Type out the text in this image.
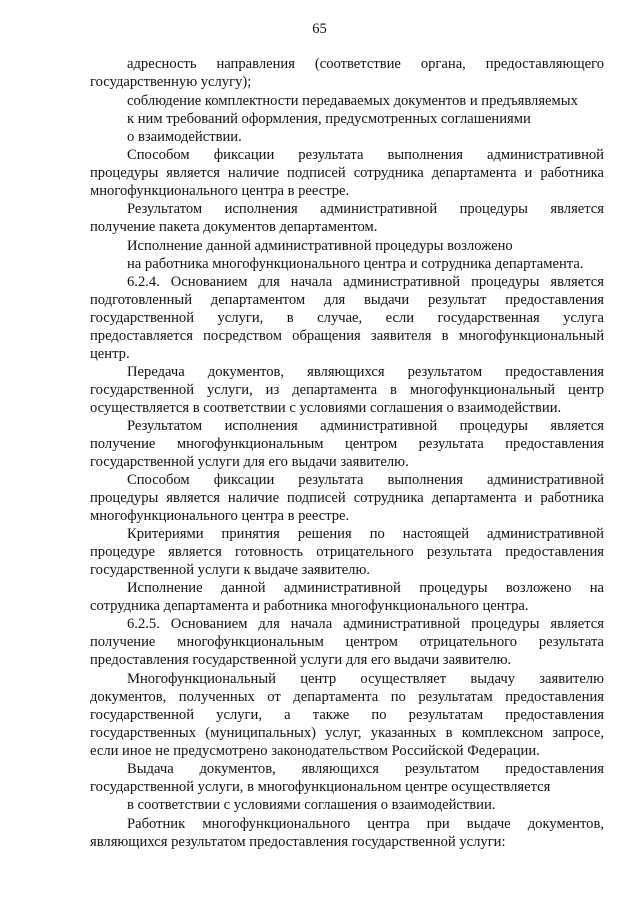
65
адресность направления (соответствие органа, предоставляющего
государственную услугу);
соблюдение комплектности передаваемых документов и предъявляемых
к ним требований оформления, предусмотренных соглашениями
о взаимодействии.
Способом фиксации результата выполнения административной
процедуры является наличие подписей сотрудника департамента и работника
многофункционального центра в реестре.
Результатом исполнения административной процедуры является
получение пакета документов департаментом.
Исполнение данной административной процедуры возложено
на работника многофункционального центра и сотрудника департамента.
6.2.4. Основанием для начала административной процедуры является
подготовленный департаментом для выдачи результат предоставления
государственной услуги, в случае, если государственная услуга
предоставляется посредством обращения заявителя в многофункциональный
центр.
Передача документов, являющихся результатом предоставления
государственной услуги, из департамента в многофункциональный центр
осуществляется в соответствии с условиями соглашения о взаимодействии.
Результатом исполнения административной процедуры является
получение многофункциональным центром результата предоставления
государственной услуги для его выдачи заявителю.
Способом фиксации результата выполнения административной
процедуры является наличие подписей сотрудника департамента и работника
многофункционального центра в реестре.
Критериями принятия решения по настоящей административной
процедуре является готовность отрицательного результата предоставления
государственной услуги к выдаче заявителю.
Исполнение данной административной процедуры возложено на
сотрудника департамента и работника многофункционального центра.
6.2.5. Основанием для начала административной процедуры является
получение многофункциональным центром отрицательного результата
предоставления государственной услуги для его выдачи заявителю.
Многофункциональный центр осуществляет выдачу заявителю
документов, полученных от департамента по результатам предоставления
государственной услуги, а также по результатам предоставления
государственных (муниципальных) услуг, указанных в комплексном запросе,
если иное не предусмотрено законодательством Российской Федерации.
Выдача документов, являющихся результатом предоставления
государственной услуги, в многофункциональном центре осуществляется
в соответствии с условиями соглашения о взаимодействии.
Работник многофункционального центра при выдаче документов,
являющихся результатом предоставления государственной услуги:
